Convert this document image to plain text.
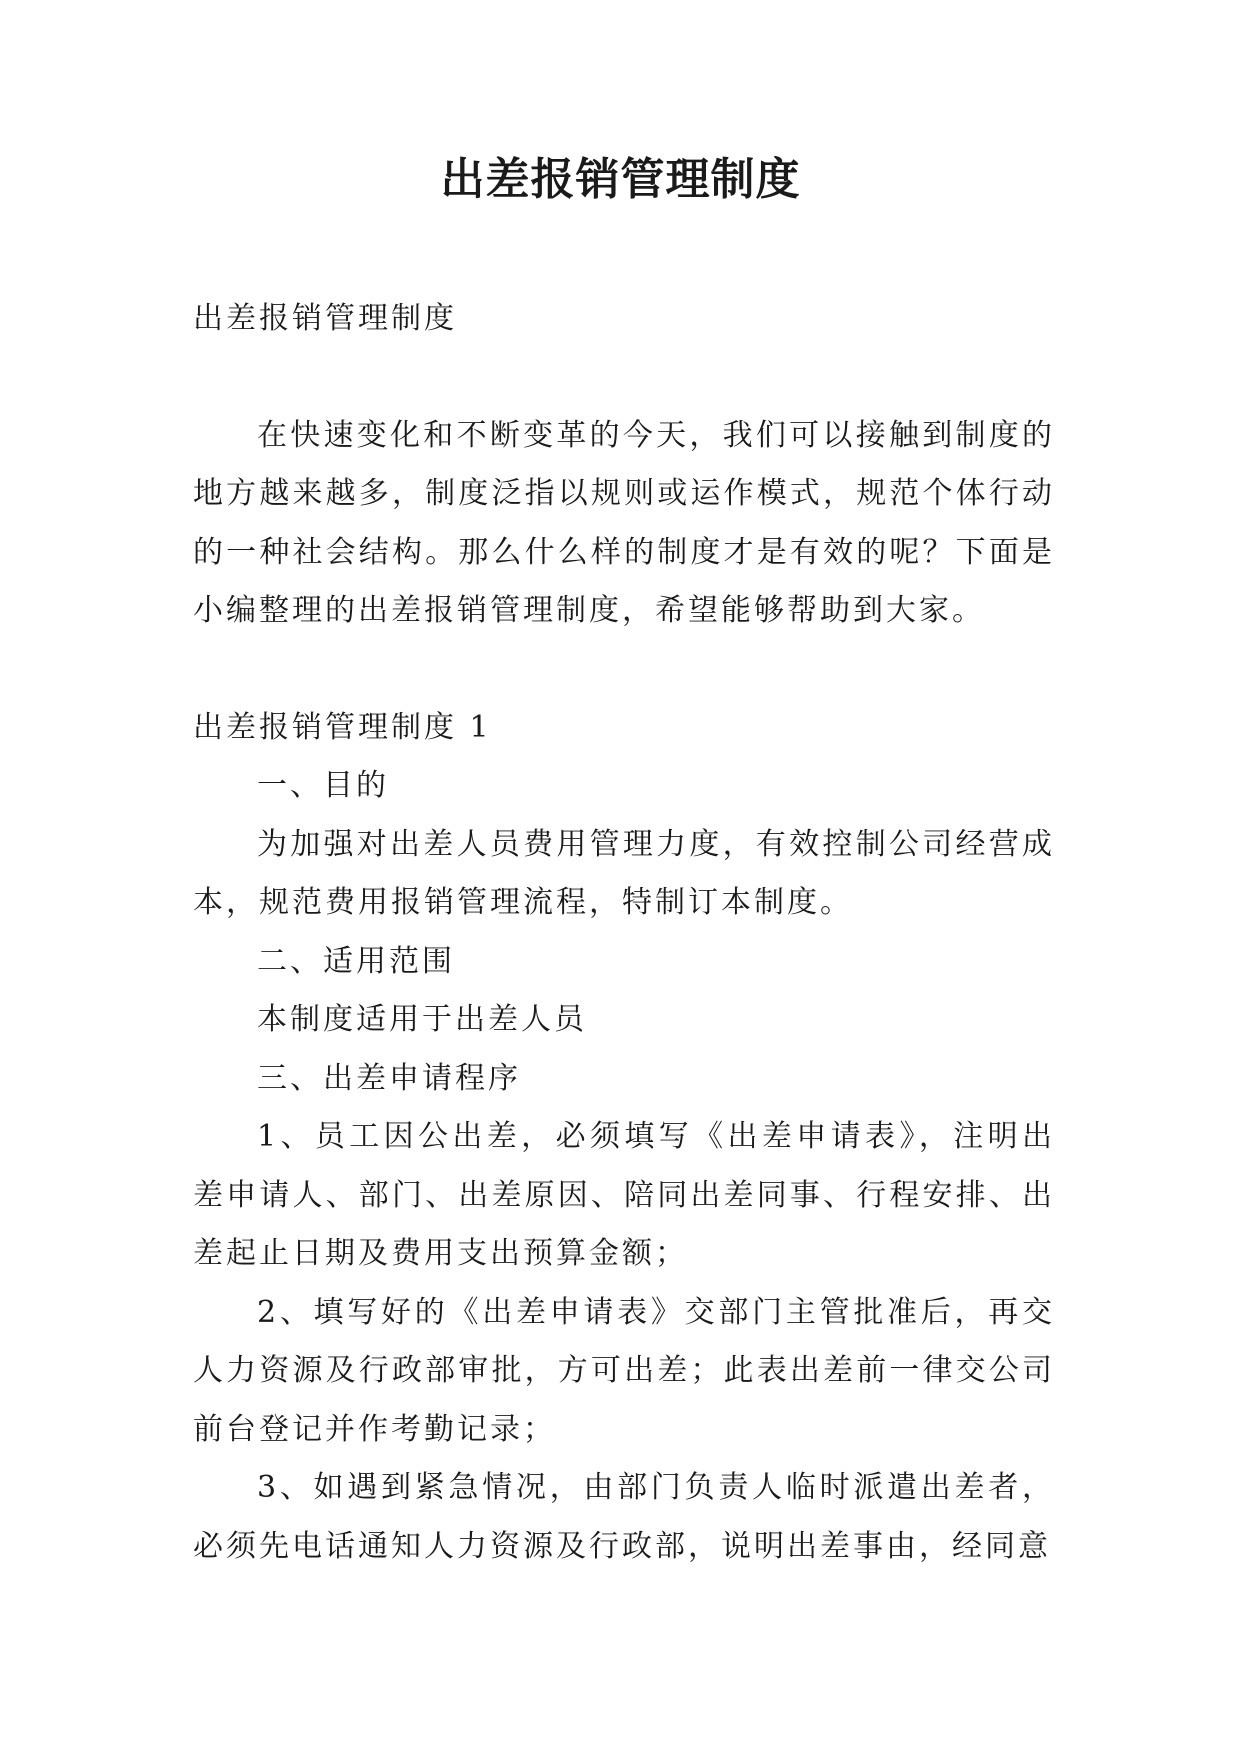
出差报销管理制度

出差报销管理制度

在快速变化和不断变革的今天，我们可以接触到制度的地方越来越多，制度泛指以规则或运作模式，规范个体行动的一种社会结构。那么什么样的制度才是有效的呢？下面是小编整理的出差报销管理制度，希望能够帮助到大家。

出差报销管理制度 1

一、目的

为加强对出差人员费用管理力度，有效控制公司经营成本，规范费用报销管理流程，特制订本制度。

二、适用范围

本制度适用于出差人员

三、出差申请程序

1、员工因公出差，必须填写《出差申请表》，注明出差申请人、部门、出差原因、陪同出差同事、行程安排、出差起止日期及费用支出预算金额；

2、填写好的《出差申请表》交部门主管批准后，再交人力资源及行政部审批，方可出差；此表出差前一律交公司前台登记并作考勤记录；

3、如遇到紧急情况，由部门负责人临时派遣出差者，必须先电话通知人力资源及行政部，说明出差事由，经同意
